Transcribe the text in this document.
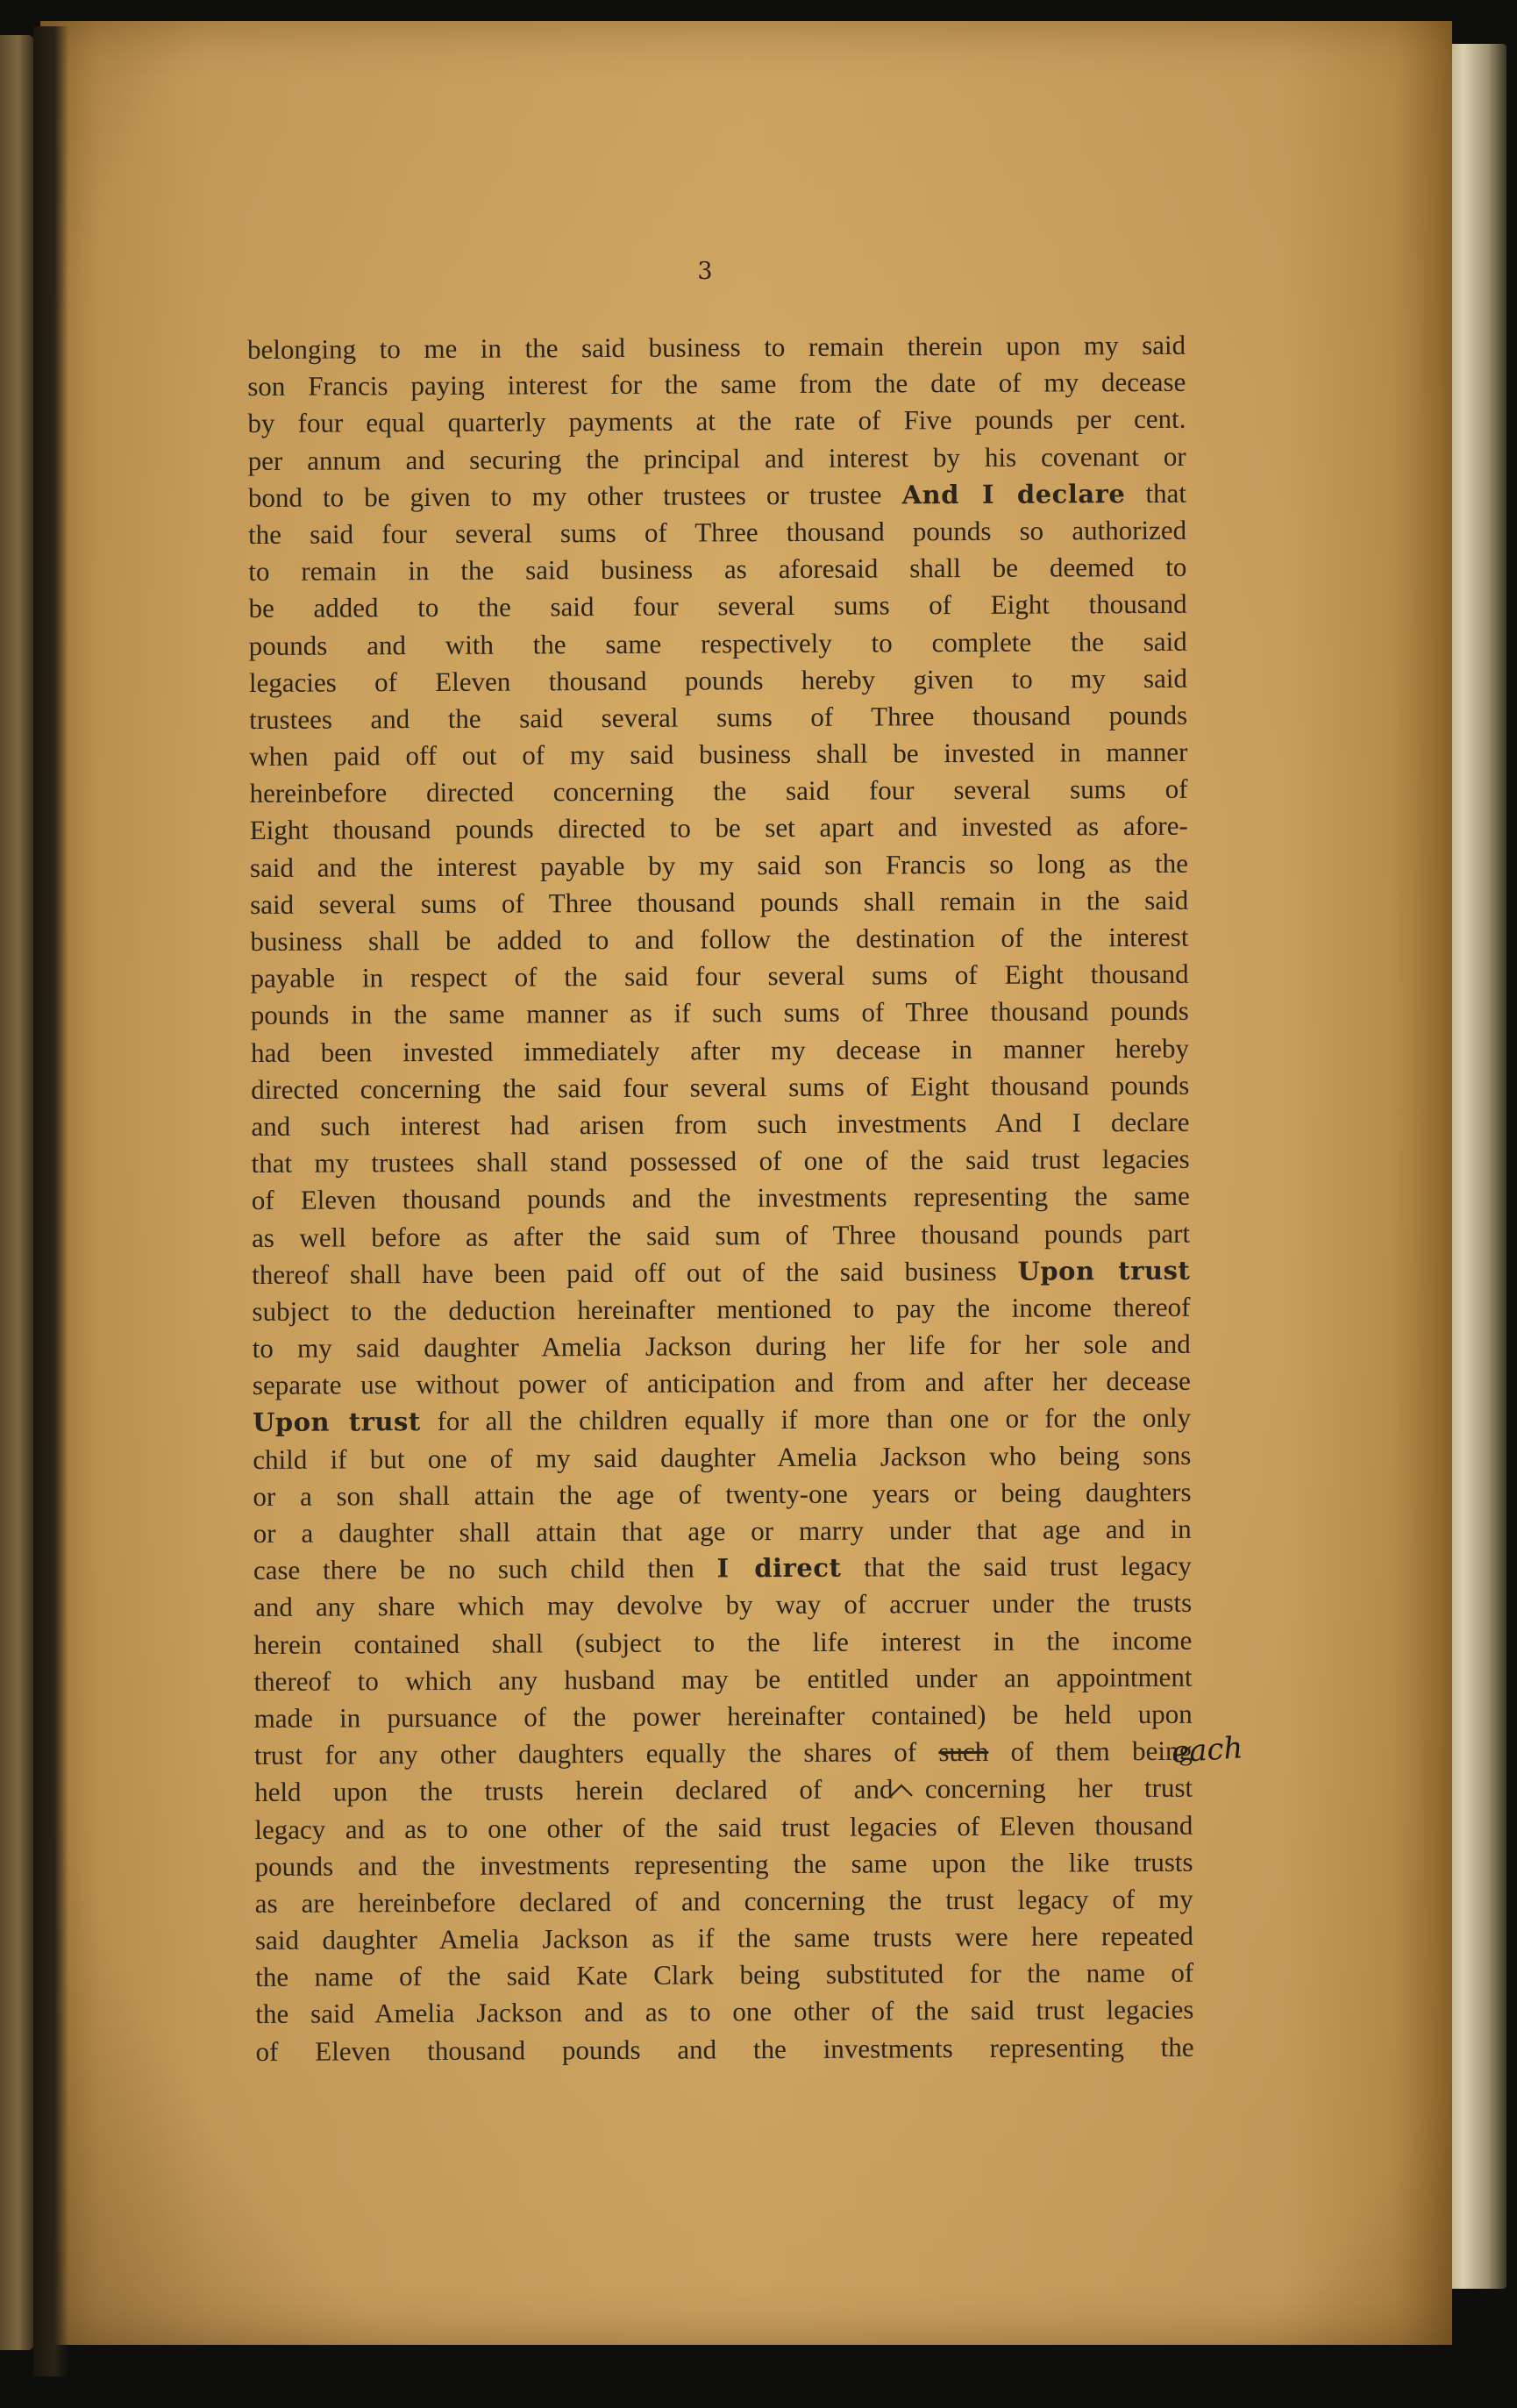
3
belonging to me in the said business to remain therein upon my said
son Francis paying interest for the same from the date of my decease
by four equal quarterly payments at the rate of Five pounds per cent.
per annum and securing the principal and interest by his covenant or
bond to be given to my other trustees or trustee And I declare that
the said four several sums of Three thousand pounds so authorized
to remain in the said business as aforesaid shall be deemed to
be added to the said four several sums of Eight thousand
pounds and with the same respectively to complete the said
legacies of Eleven thousand pounds hereby given to my said
trustees and the said several sums of Three thousand pounds
when paid off out of my said business shall be invested in manner
hereinbefore directed concerning the said four several sums of
Eight thousand pounds directed to be set apart and invested as afore-
said and the interest payable by my said son Francis so long as the
said several sums of Three thousand pounds shall remain in the said
business shall be added to and follow the destination of the interest
payable in respect of the said four several sums of Eight thousand
pounds in the same manner as if such sums of Three thousand pounds
had been invested immediately after my decease in manner hereby
directed concerning the said four several sums of Eight thousand pounds
and such interest had arisen from such investments And I declare
that my trustees shall stand possessed of one of the said trust legacies
of Eleven thousand pounds and the investments representing the same
as well before as after the said sum of Three thousand pounds part
thereof shall have been paid off out of the said business Upon trust
subject to the deduction hereinafter mentioned to pay the income thereof
to my said daughter Amelia Jackson during her life for her sole and
separate use without power of anticipation and from and after her decease
Upon trust for all the children equally if more than one or for the only
child if but one of my said daughter Amelia Jackson who being sons
or a son shall attain the age of twenty-one years or being daughters
or a daughter shall attain that age or marry under that age and in
case there be no such child then I direct that the said trust legacy
and any share which may devolve by way of accruer under the trusts
herein contained shall (subject to the life interest in the income
thereof to which any husband may be entitled under an appointment
made in pursuance of the power hereinafter contained) be held upon
trust for any other daughters equally the shares of such of them being
held upon the trusts herein declared of and concerning her trust
legacy and as to one other of the said trust legacies of Eleven thousand
pounds and the investments representing the same upon the like trusts
as are hereinbefore declared of and concerning the trust legacy of my
said daughter Amelia Jackson as if the same trusts were here repeated
the name of the said Kate Clark being substituted for the name of
the said Amelia Jackson and as to one other of the said trust legacies
of Eleven thousand pounds and the investments representing the
each
